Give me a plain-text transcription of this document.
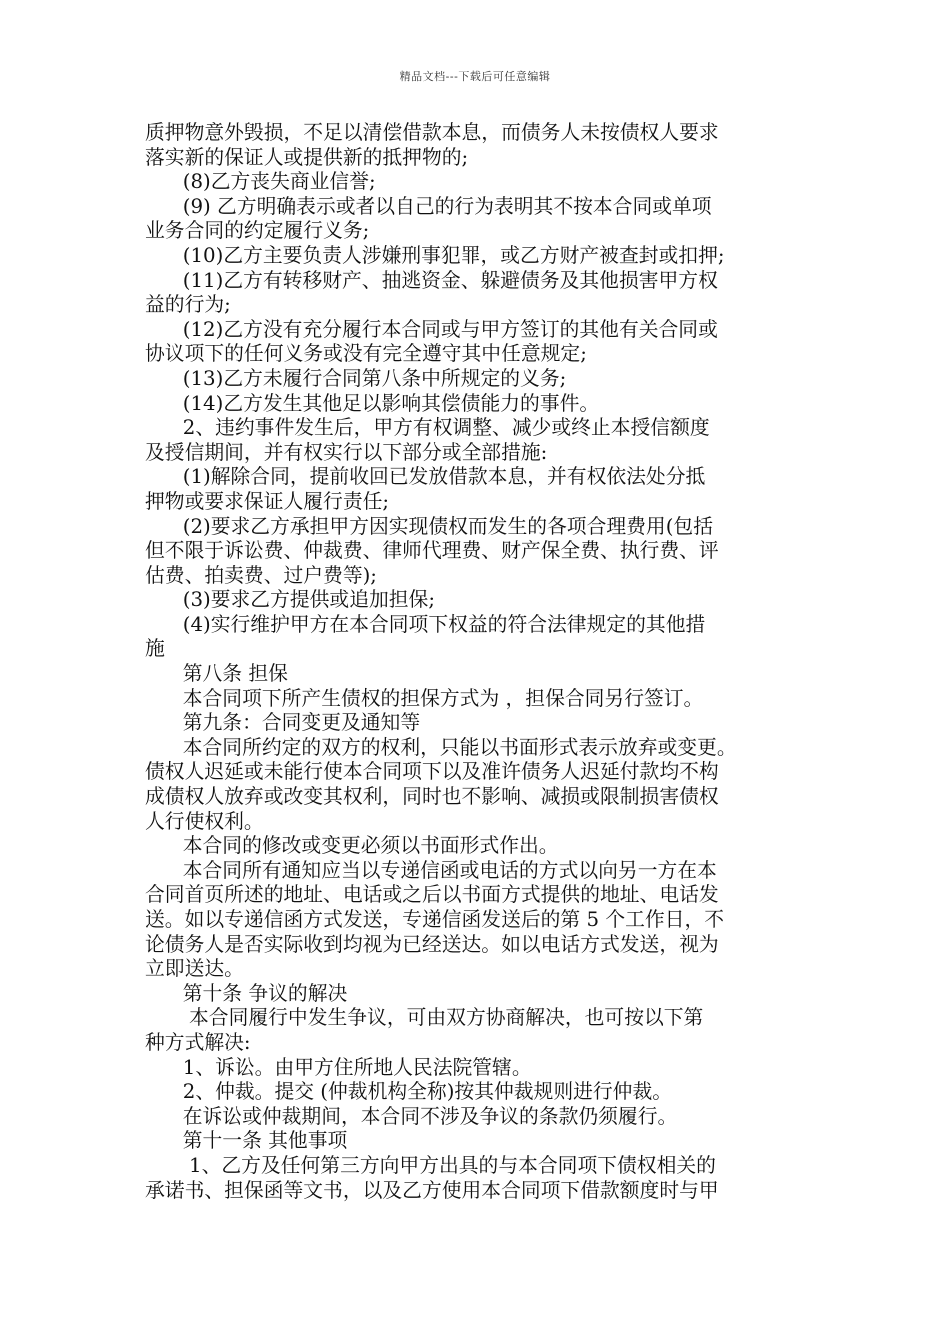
精品文档---下载后可任意编辑
质押物意外毁损，不足以清偿借款本息，而债务人未按债权人要求
落实新的保证人或提供新的抵押物的;
(8)乙方丧失商业信誉;
(9) 乙方明确表示或者以自己的行为表明其不按本合同或单项
业务合同的约定履行义务;
(10)乙方主要负责人涉嫌刑事犯罪，或乙方财产被查封或扣押;
(11)乙方有转移财产、抽逃资金、躲避债务及其他损害甲方权
益的行为;
(12)乙方没有充分履行本合同或与甲方签订的其他有关合同或
协议项下的任何义务或没有完全遵守其中任意规定;
(13)乙方未履行合同第八条中所规定的义务;
(14)乙方发生其他足以影响其偿债能力的事件。
2、违约事件发生后，甲方有权调整、减少或终止本授信额度
及授信期间，并有权实行以下部分或全部措施:
(1)解除合同，提前收回已发放借款本息，并有权依法处分抵
押物或要求保证人履行责任;
(2)要求乙方承担甲方因实现债权而发生的各项合理费用(包括
但不限于诉讼费、仲裁费、律师代理费、财产保全费、执行费、评
估费、拍卖费、过户费等);
(3)要求乙方提供或追加担保;
(4)实行维护甲方在本合同项下权益的符合法律规定的其他措
施
第八条 担保
本合同项下所产生债权的担保方式为 ，担保合同另行签订。
第九条：合同变更及通知等
本合同所约定的双方的权利，只能以书面形式表示放弃或变更。
债权人迟延或未能行使本合同项下以及准许债务人迟延付款均不构
成债权人放弃或改变其权利，同时也不影响、减损或限制损害债权
人行使权利。
本合同的修改或变更必须以书面形式作出。
本合同所有通知应当以专递信函或电话的方式以向另一方在本
合同首页所述的地址、电话或之后以书面方式提供的地址、电话发
送。如以专递信函方式发送，专递信函发送后的第 5 个工作日，不
论债务人是否实际收到均视为已经送达。如以电话方式发送，视为
立即送达。
第十条 争议的解决
本合同履行中发生争议，可由双方协商解决，也可按以下第
种方式解决:
1、诉讼。由甲方住所地人民法院管辖。
2、仲裁。提交 (仲裁机构全称)按其仲裁规则进行仲裁。
在诉讼或仲裁期间，本合同不涉及争议的条款仍须履行。
第十一条 其他事项
1、乙方及任何第三方向甲方出具的与本合同项下债权相关的
承诺书、担保函等文书，以及乙方使用本合同项下借款额度时与甲
